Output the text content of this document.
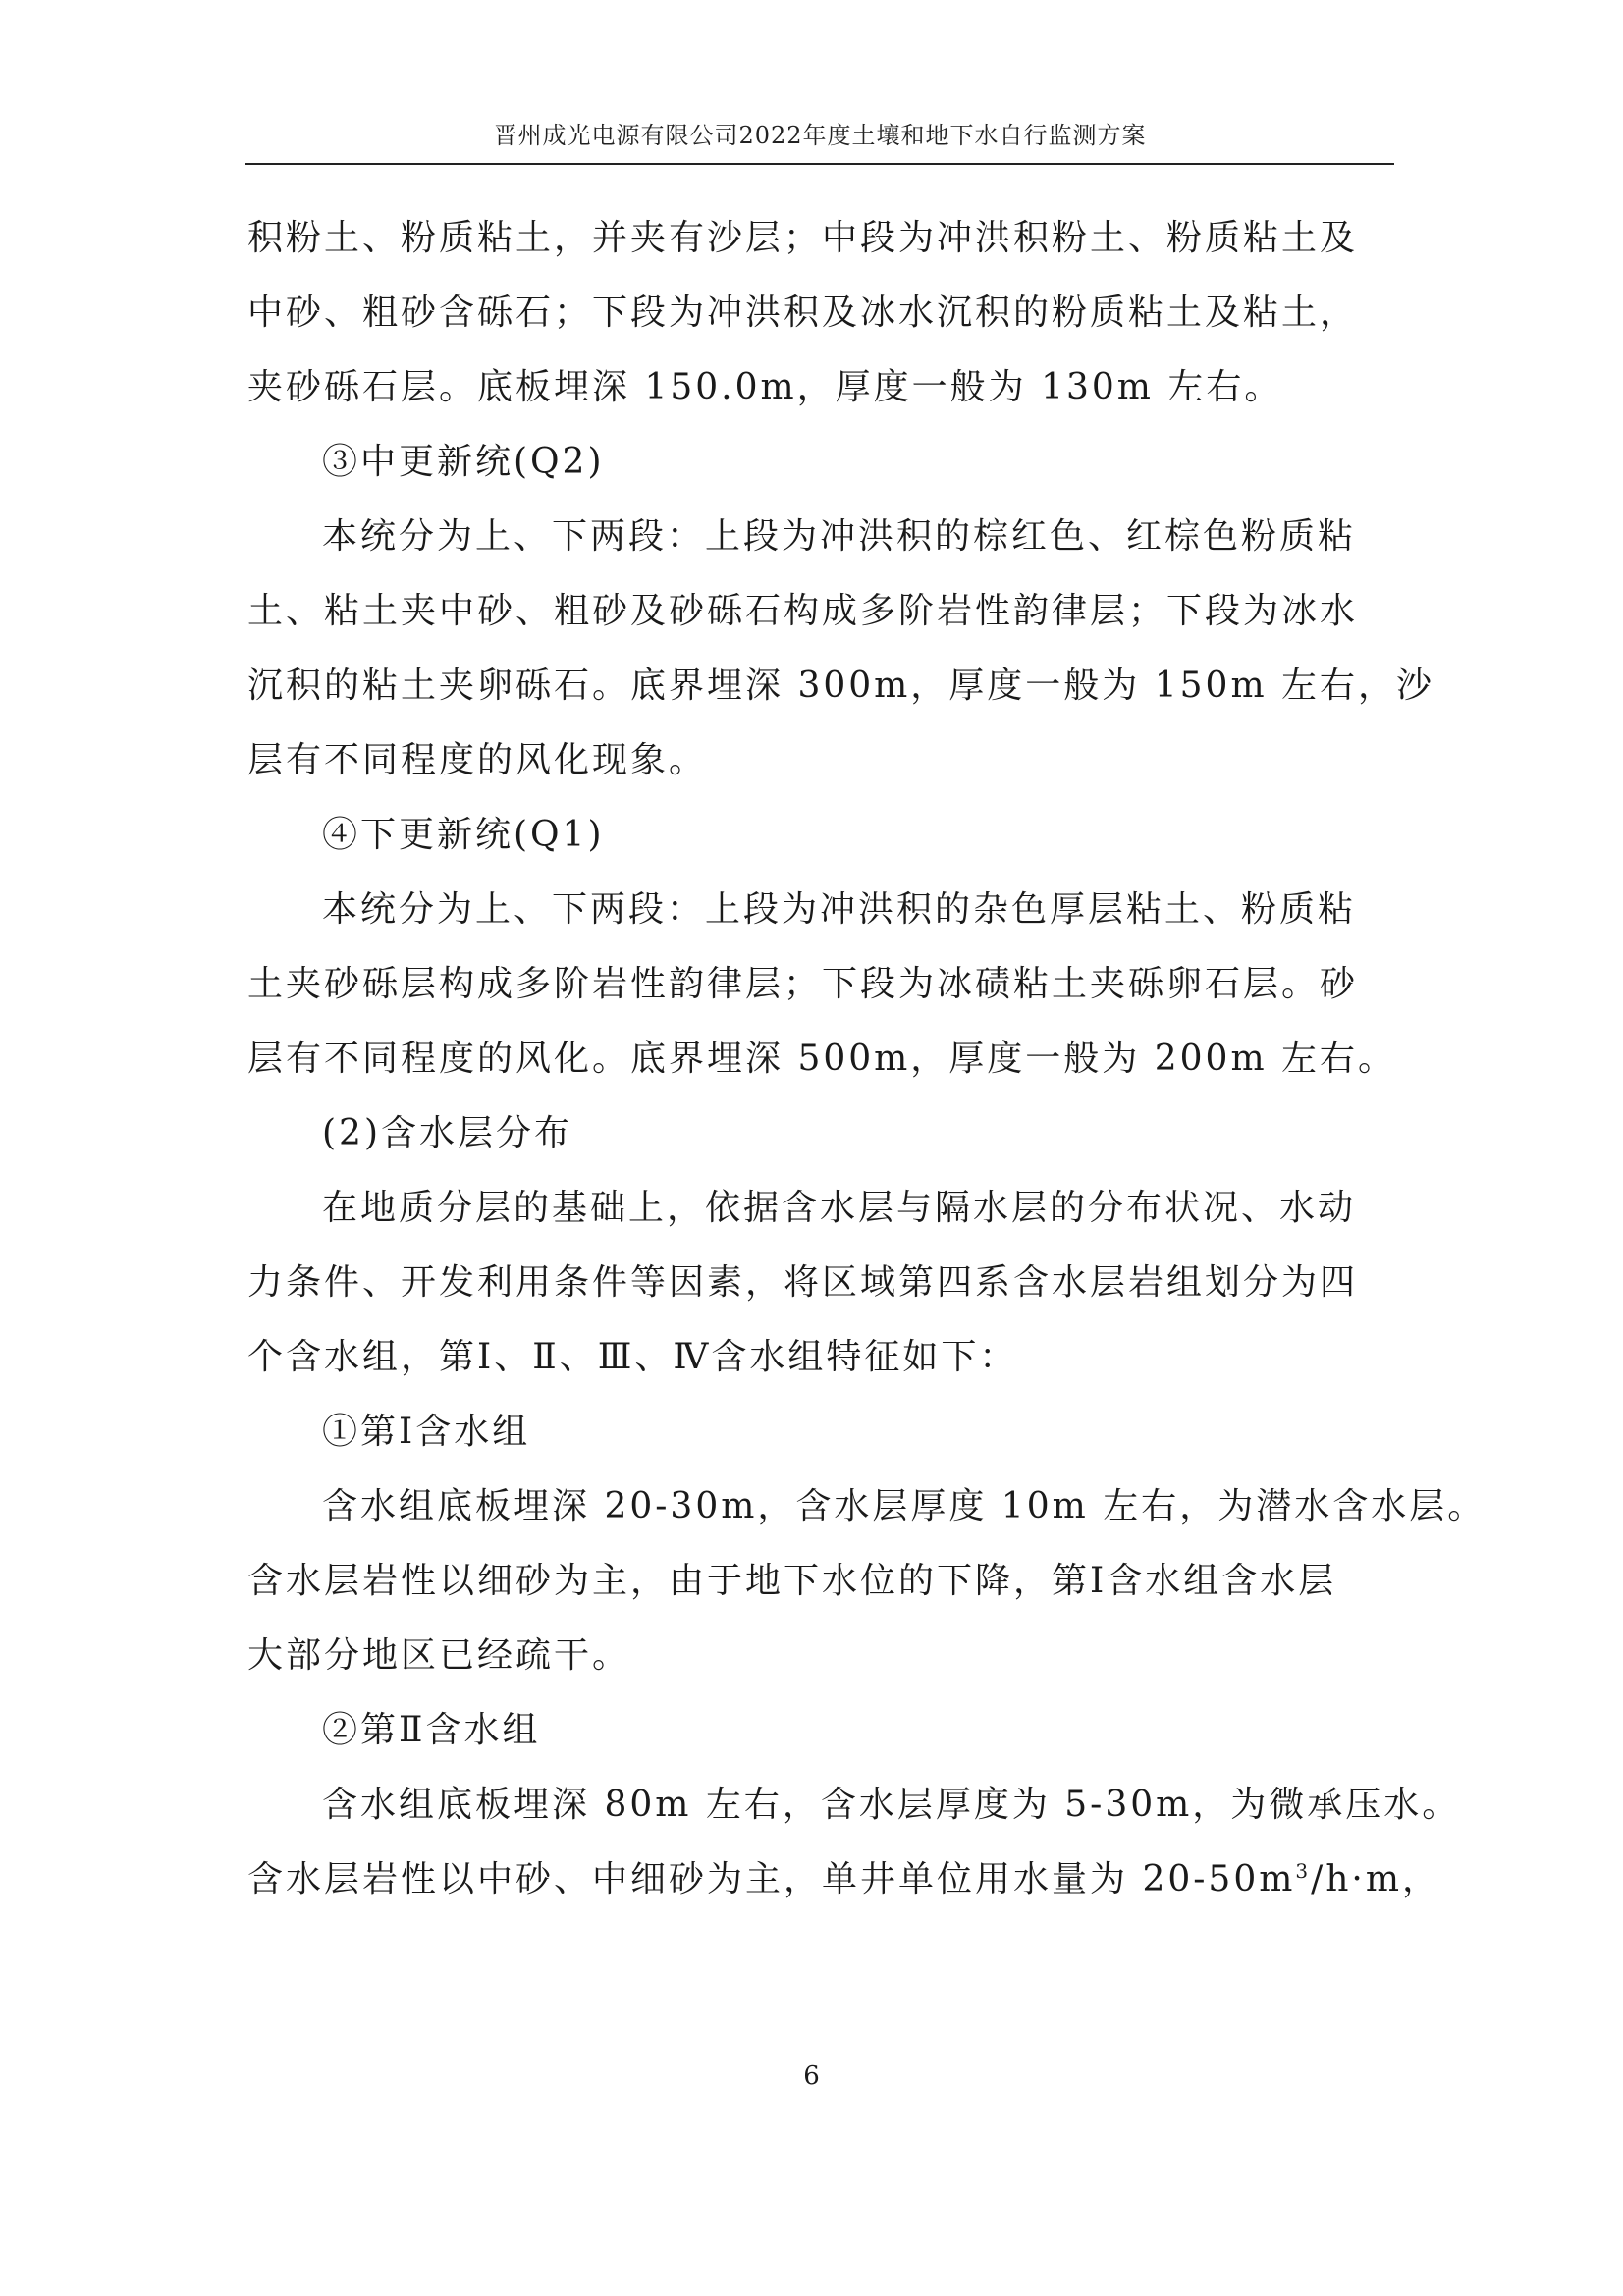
晋州成光电源有限公司2022年度土壤和地下水自行监测方案

积粉土、粉质粘土，并夹有沙层；中段为冲洪积粉土、粉质粘土及

中砂、粗砂含砾石；下段为冲洪积及冰水沉积的粉质粘土及粘土，

夹砂砾石层。底板埋深 150.0m，厚度一般为 130m 左右。

③中更新统(Q2)

本统分为上、下两段：上段为冲洪积的棕红色、红棕色粉质粘

土、粘土夹中砂、粗砂及砂砾石构成多阶岩性韵律层；下段为冰水

沉积的粘土夹卵砾石。底界埋深 300m，厚度一般为 150m 左右，沙

层有不同程度的风化现象。

④下更新统(Q1)

本统分为上、下两段：上段为冲洪积的杂色厚层粘土、粉质粘

土夹砂砾层构成多阶岩性韵律层；下段为冰碛粘土夹砾卵石层。砂

层有不同程度的风化。底界埋深 500m，厚度一般为 200m 左右。

(2)含水层分布

在地质分层的基础上，依据含水层与隔水层的分布状况、水动

力条件、开发利用条件等因素，将区域第四系含水层岩组划分为四

个含水组，第Ⅰ、Ⅱ、Ⅲ、Ⅳ含水组特征如下：

①第Ⅰ含水组

含水组底板埋深 20-30m，含水层厚度 10m 左右，为潜水含水层。

含水层岩性以细砂为主，由于地下水位的下降，第Ⅰ含水组含水层

大部分地区已经疏干。

②第Ⅱ含水组

含水组底板埋深 80m 左右，含水层厚度为 5-30m，为微承压水。

含水层岩性以中砂、中细砂为主，单井单位用水量为 $20-50m^3/h\cdot m$，

6
